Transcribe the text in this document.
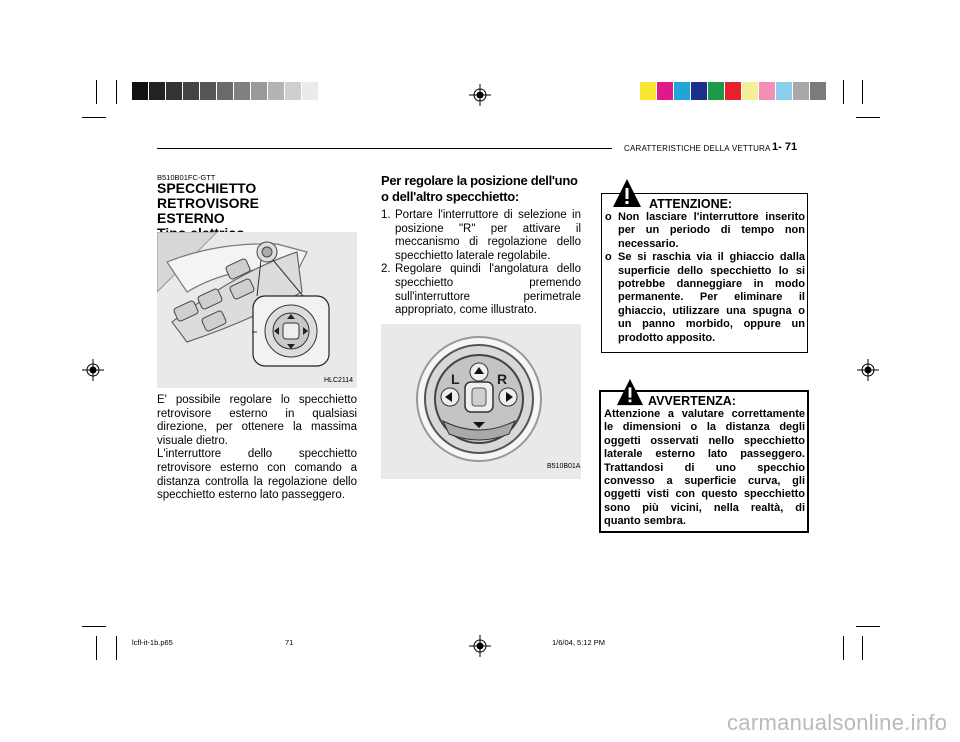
CARATTERISTICHE DELLA VETTURA 1- 71
B510B01FC-GTT
SPECCHIETTO RETROVISORE
ESTERNO
HLC2114
E' possibile regolare lo specchietto
retrovisore esterno in qualsiasi
direzione, per ottenere la massima
visuale dietro.
L'interruttore dello specchietto
retrovisore esterno con comando a
distanza controlla la regolazione dello
specchietto esterno lato passeggero.
Per regolare la posizione dell'uno
o dell'altro specchietto:
1. Portare l'interruttore di selezione in
posizione "R" per attivare il
meccanismo di regolazione dello
specchietto laterale regolabile.
2. Regolare quindi l'angolatura dello
specchietto premendo
sull'interruttore perimetrale
appropriato, come illustrato.
L	R
B510B01A
ATTENZIONE:
o Non lasciare l'interruttore inserito
per un periodo di tempo non
necessario.
o Se si raschia via il ghiaccio dalla
superficie dello specchietto lo si
potrebbe danneggiare in modo
permanente. Per eliminare il
ghiaccio, utilizzare una spugna o
un panno morbido, oppure un
prodotto apposito.
AVVERTENZA:
Attenzione a valutare correttamente
le dimensioni o la distanza degli
oggetti osservati nello specchietto
laterale esterno lato passeggero.
Trattandosi di uno specchio
convesso a superficie curva, gli
oggetti visti con questo specchietto
sono più vicini, nella realtà, di
quanto sembra.
lcfl-it-1b.p65	71	1/6/04, 5:12 PM
carmanualsonline.info
